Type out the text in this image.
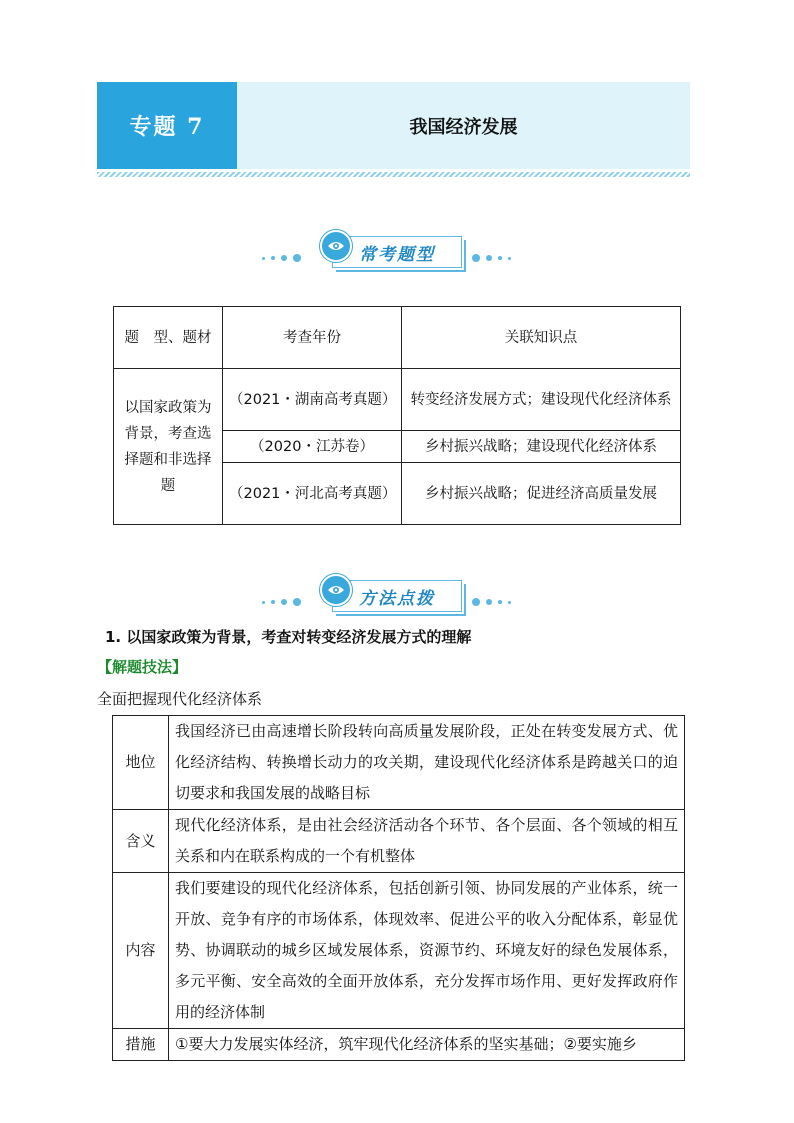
专题 7	我国经济发展
常考题型
题　型、题材	考查年份	关联知识点
以国家政策为背景，考查选择题和非选择题	（2021・湖南高考真题）	转变经济发展方式；建设现代化经济体系
	（2020・江苏卷）	乡村振兴战略；建设现代化经济体系
	（2021・河北高考真题）	乡村振兴战略；促进经济高质量发展
方法点拨
1. 以国家政策为背景，考查对转变经济发展方式的理解
【解题技法】
全面把握现代化经济体系
地位	我国经济已由高速增长阶段转向高质量发展阶段，正处在转变发展方式、优化经济结构、转换增长动力的攻关期，建设现代化经济体系是跨越关口的迫切要求和我国发展的战略目标
含义	现代化经济体系，是由社会经济活动各个环节、各个层面、各个领域的相互关系和内在联系构成的一个有机整体
内容	我们要建设的现代化经济体系，包括创新引领、协同发展的产业体系，统一开放、竞争有序的市场体系，体现效率、促进公平的收入分配体系，彰显优势、协调联动的城乡区域发展体系，资源节约、环境友好的绿色发展体系，多元平衡、安全高效的全面开放体系，充分发挥市场作用、更好发挥政府作用的经济体制
措施	①要大力发展实体经济，筑牢现代化经济体系的坚实基础；②要实施乡
